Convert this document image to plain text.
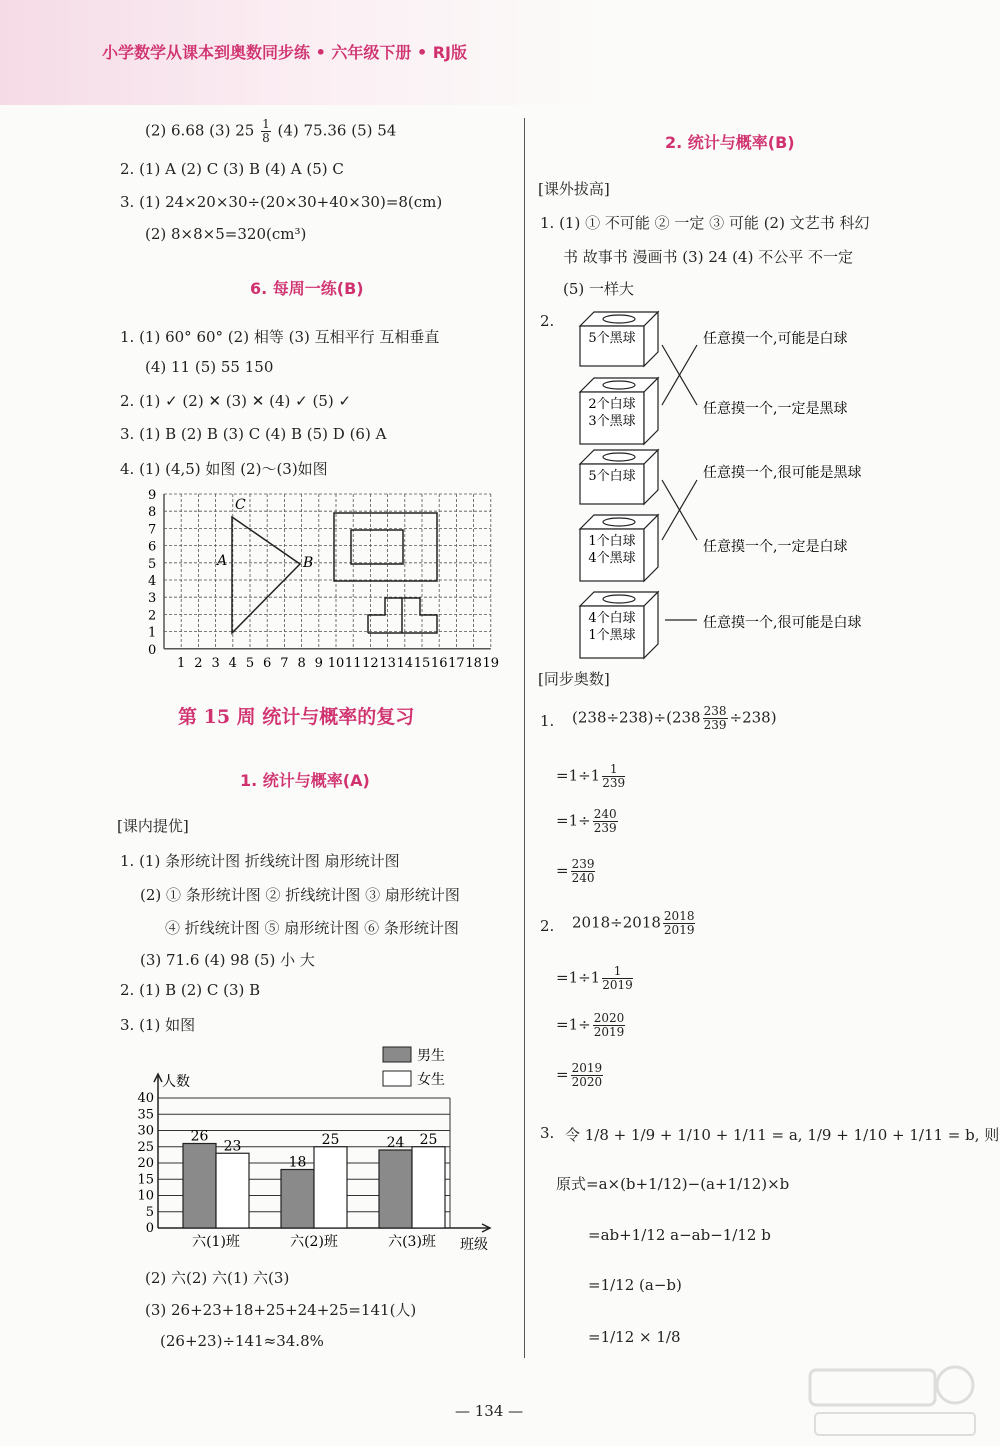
小学数学从课本到奥数同步练 • 六年级下册 • RJ版
(2) 6.68 (3) $25 \frac{1}{8} (4)$ 75.36 (5) 54
2. (1) A (2) C (3) B (4) A (5) C
3. (1) 24×20×30÷(20×30+40×30)=8(cm)
(2) 8×8×5=320(cm³)
6. 每周一练(B)
1. (1) 60° 60° (2) 相等 (3) 互相平行 互相垂直
(4) 11 (5) 55 150
2. (1) ✓ (2) ✕ (3) ✕ (4) ✓ (5) ✓
3. (1) B (2) B (3) C (4) B (5) D (6) A
4. (1) (4,5) 如图 (2)～(3)如图
9
8
7
6
5
4
3
2
1
0
1 2 3 4 5 6 7 8 9 10 11 12 13 14 15 16 17 18 19
C
A	B
第 15 周 统计与概率的复习
1. 统计与概率(A)
[课内提优]
1. (1) 条形统计图 折线统计图 扇形统计图
(2) ① 条形统计图 ② 折线统计图 ③ 扇形统计图
④ 折线统计图 ⑤ 扇形统计图 ⑥ 条形统计图
(3) 71.6 (4) 98 (5) 小 大
2. (1) B (2) C (3) B
3. (1) 如图
0
5
10
15
20
25
30
35
40
26
23
六(1)班
18
25
六(2)班
24 25
六(3)班
男生
女生
人数
班级
(2) 六(2) 六(1) 六(3)
(3) 26+23+18+25+24+25=141(人)
(26+23)÷141≈34.8%
2. 统计与概率(B)
[课外拔高]
1. (1) ① 不可能 ② 一定 ③ 可能 (2) 文艺书 科幻
书 故事书 漫画书 (3) 24 (4) 不公平 不一定
(5) 一样大
2.
5个黑球
2个白球
3个黑球
5个白球
1个白球
4个黑球
4个白球
1个黑球
任意摸一个,可能是白球
任意摸一个,一定是黑球
任意摸一个,很可能是黑球
任意摸一个,一定是白球
任意摸一个,很可能是白球
[同步奥数]
1. $(238\div 238)\div(238 \frac{238}{239} \div 238)$
$=1\div 1 \frac{1}{239}$
$=1\div \frac{240}{239}$
= $\frac{239}{240}$
2. $2018\div 2018 \frac{2018}{2019}$
$=1\div 1 \frac{1}{2019}$
$=1\div \frac{2020}{2019}$
= $\frac{2019}{2020}$
3. 令 1/8 + 1/9 + 1/10 + 1/11 = a, 1/9 + 1/10 + 1/11 = b, 则
原式=a×(b+1/12)−(a+1/12)×b
=ab+1/12 a−ab−1/12 b
=1/12 (a−b)
=1/12 × 1/8
— 134 —
